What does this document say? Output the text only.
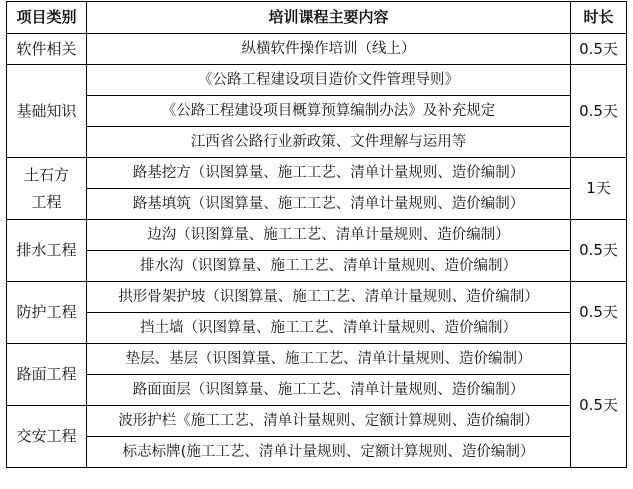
项目类别	培训课程主要内容	时长
软件相关	纵横软件操作培训（线上）	0.5天
基础知识	《公路工程建设项目造价文件管理导则》	0.5天
	《公路工程建设项目概算预算编制办法》及补充规定	
	江西省公路行业新政策、文件理解与运用等	

土石方
工程	路基挖方（识图算量、施工工艺、清单计量规则、造价编制）	1天
	路基填筑（识图算量、施工工艺、清单计量规则、造价编制）	
排水工程	边沟（识图算量、施工工艺、清单计量规则、造价编制）	0.5天
	排水沟（识图算量、施工工艺、清单计量规则、造价编制）	
防护工程	拱形骨架护坡（识图算量、施工工艺、清单计量规则、造价编制）	0.5天
	挡土墙（识图算量、施工工艺、清单计量规则、造价编制）	
路面工程	垫层、基层（识图算量、施工工艺、清单计量规则、造价编制）	0.5天
	路面面层（识图算量、施工工艺、清单计量规则、造价编制）	
交安工程	波形护栏《施工工艺、清单计量规则、定额计算规则、造价编制）	
	标志标牌(施工工艺、清单计量规则、定额计算规则、造价编制）	
